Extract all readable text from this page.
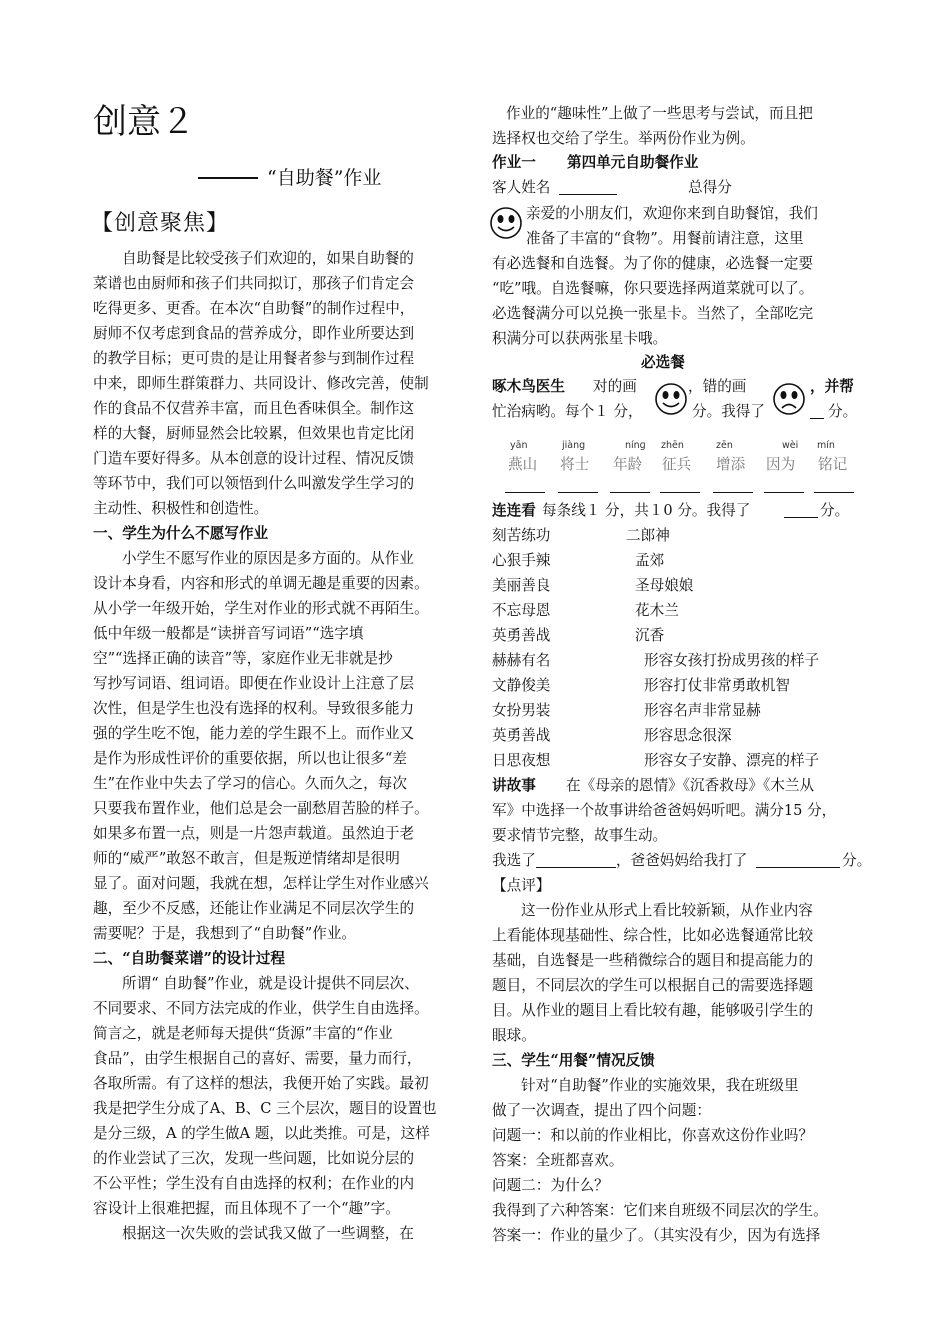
创意２
“自助餐”作业
【创意聚焦】
自助餐是比较受孩子们欢迎的，如果自助餐的
菜谱也由厨师和孩子们共同拟订，那孩子们肯定会
吃得更多、更香。在本次“自助餐”的制作过程中，
厨师不仅考虑到食品的营养成分，即作业所要达到
的教学目标；更可贵的是让用餐者参与到制作过程
中来，即师生群策群力、共同设计、修改完善，使制
作的食品不仅营养丰富，而且色香味俱全。制作这
样的大餐，厨师显然会比较累，但效果也肯定比闭
门造车要好得多。从本创意的设计过程、情况反馈
等环节中，我们可以领悟到什么叫激发学生学习的
主动性、积极性和创造性。
一、学生为什么不愿写作业
小学生不愿写作业的原因是多方面的。从作业
设计本身看，内容和形式的单调无趣是重要的因素。
从小学一年级开始，学生对作业的形式就不再陌生。
低中年级一般都是“读拼音写词语”“选字填
空”“选择正确的读音”等，家庭作业无非就是抄
写抄写词语、组词语。即便在作业设计上注意了层
次性，但是学生也没有选择的权利。导致很多能力
强的学生吃不饱，能力差的学生跟不上。而作业又
是作为形成性评价的重要依据，所以也让很多“差
生”在作业中失去了学习的信心。久而久之，每次
只要我布置作业，他们总是会一副愁眉苦脸的样子。
如果多布置一点，则是一片怨声载道。虽然迫于老
师的“威严”敢怒不敢言，但是叛逆情绪却是很明
显了。面对问题，我就在想，怎样让学生对作业感兴
趣，至少不反感，还能让作业满足不同层次学生的
需要呢？于是，我想到了“自助餐”作业。
二、“自助餐菜谱”的设计过程
所谓“ 自助餐”作业，就是设计提供不同层次、
不同要求、不同方法完成的作业，供学生自由选择。
简言之，就是老师每天提供“货源”丰富的“作业
食品”，由学生根据自己的喜好、需要，量力而行，
各取所需。有了这样的想法，我便开始了实践。最初
我是把学生分成了A、B、C 三个层次，题目的设置也
是分三级，A 的学生做A 题，以此类推。可是，这样
的作业尝试了三次，发现一些问题，比如说分层的
不公平性；学生没有自由选择的权利；在作业的内
容设计上很难把握，而且体现不了一个“趣”字。
根据这一次失败的尝试我又做了一些调整，在
作业的“趣味性”上做了一些思考与尝试，而且把
选择权也交给了学生。举两份作业为例。
作业一 第四单元自助餐作业
客人姓名	总得分
亲爱的小朋友们，欢迎你来到自助餐馆，我们
准备了丰富的“食物”。用餐前请注意，这里
有必选餐和自选餐。为了你的健康，必选餐一定要
“吃”哦。自选餐嘛，你只要选择两道菜就可以了。
必选餐满分可以兑换一张星卡。当然了，全部吃完
积满分可以获两张星卡哦。
必选餐
啄木鸟医生 对的画	，错的画	，并帮
忙治病哟。每个１ 分，	分。我得了	分。
yān
燕山
jiàng
将士
nínɡ
年龄
zhēn
征兵
zēn
增添
wèi
因为
mín
铭记
连连看 每条线１ 分，共１0 分。我得了	分。
刻苦练功	二郎神
心狠手辣	孟郊
美丽善良	圣母娘娘
不忘母恩	花木兰
英勇善战	沉香
赫赫有名	形容女孩打扮成男孩的样子
文静俊美	形容打仗非常勇敢机智
女扮男装	形容名声非常显赫
英勇善战	形容思念很深
日思夜想	形容女子安静、漂亮的样子
讲故事 在《母亲的恩情》《沉香救母》《木兰从
军》中选择一个故事讲给爸爸妈妈听吧。满分15 分，
要求情节完整，故事生动。
我选了	，爸爸妈妈给我打了	分。
【点评】
这一份作业从形式上看比较新颖，从作业内容
上看能体现基础性、综合性，比如必选餐通常比较
基础，自选餐是一些稍微综合的题目和提高能力的
题目，不同层次的学生可以根据自己的需要选择题
目。从作业的题目上看比较有趣，能够吸引学生的
眼球。
三、学生“用餐”情况反馈
针对“自助餐”作业的实施效果，我在班级里
做了一次调查，提出了四个问题：
问题一：和以前的作业相比，你喜欢这份作业吗？
答案：全班都喜欢。
问题二：为什么？
我得到了六种答案：它们来自班级不同层次的学生。
答案一：作业的量少了。（其实没有少，因为有选择
